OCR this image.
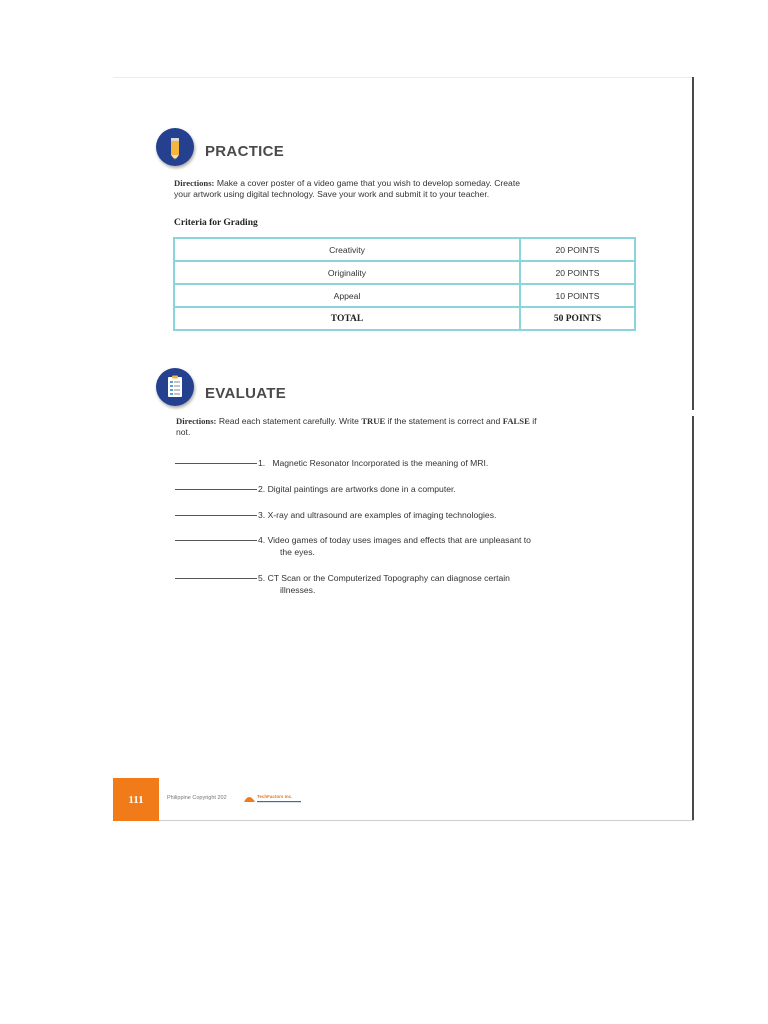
PRACTICE
Directions: Make a cover poster of a video game that you wish to develop someday. Create
your artwork using digital technology. Save your work and submit it to your teacher.
Criteria for Grading
Creativity	20 POINTS
Originality	20 POINTS
Appeal	10 POINTS
TOTAL	50 POINTS
EVALUATE
Directions: Read each statement carefully. Write TRUE if the statement is correct and FALSE if
not.
1. Magnetic Resonator Incorporated is the meaning of MRI.
2. Digital paintings are artworks done in a computer.
3. X-ray and ultrasound are examples of imaging technologies.
4. Video games of today uses images and effects that are unpleasant to
the eyes.
5. CT Scan or the Computerized Topography can diagnose certain
illnesses.
111	Philippine Copyright 202	TechFactors Inc.
